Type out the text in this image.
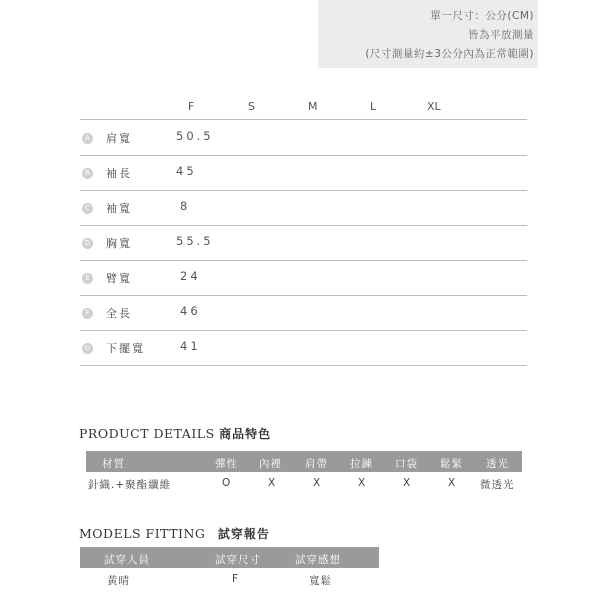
單一尺寸：公分(CM)
皆為平放測量
(尺寸測量約±3公分內為正常範圍)
F	S	M	L	XL
A 肩寬	50.5
B 袖長	45
C 袖寬	8
D 胸寬	55.5
E 臂寬	24
F	全長	46
G 下擺寬	41
PRODUCT DETAILS 商品特色
材質	彈性 內裡 肩帶 拉鍊 口袋 鬆緊 透光
針織.+聚酯纖維	O	X	X	X	X	X 微透光
MODELS FITTING 試穿報告
試穿人員	試穿尺寸	試穿感想
黃晴	F	寬鬆
